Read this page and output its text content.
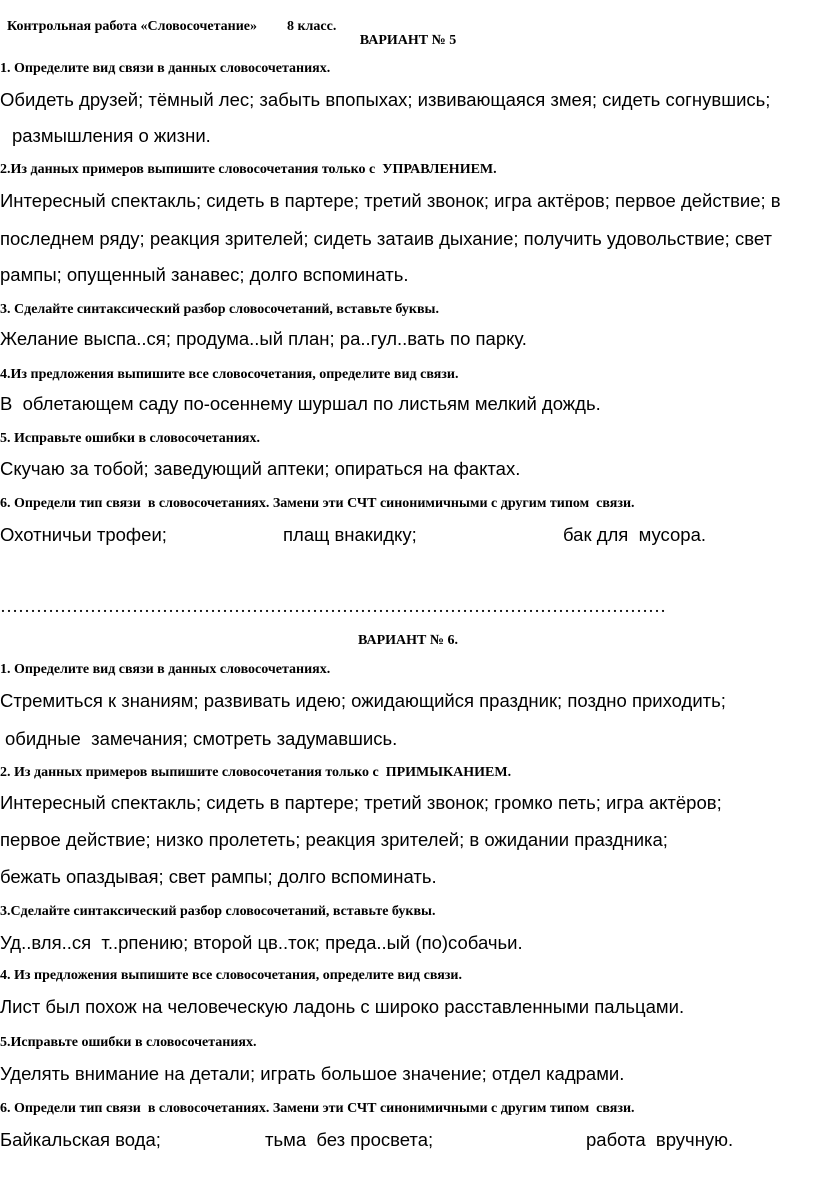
Контрольная работа «Словосочетание» 8 класс.

ВАРИАНТ № 5
1. Определите вид связи в данных словосочетаниях.
Обидеть друзей; тёмный лес; забыть впопыхах; извивающаяся змея; сидеть согнувшись;
размышления о жизни.
2.Из данных примеров выпишите словосочетания только с  УПРАВЛЕНИЕМ.
Интересный спектакль; сидеть в партере; третий звонок; игра актёров; первое действие; в
последнем ряду; реакция зрителей; сидеть затаив дыхание; получить удовольствие; свет
рампы; опущенный занавес; долго вспоминать.
3. Сделайте синтаксический разбор словосочетаний, вставьте буквы.
Желание выспа..ся; продума..ый план; ра..гул..вать по парку.
4.Из предложения выпишите все словосочетания, определите вид связи.
В  облетающем саду по-осеннему шуршал по листьям мелкий дождь.
5. Исправьте ошибки в словосочетаниях.
Скучаю за тобой; заведующий аптеки; опираться на фактах.
6. Определи тип связи  в словосочетаниях. Замени эти СЧТ синонимичными с другим типом  связи.
Охотничьи трофеи;	плащ внакидку;	бак для  мусора.
…………………………………………………………………………………………………
ВАРИАНТ № 6.
1. Определите вид связи в данных словосочетаниях.
Стремиться к знаниям; развивать идею; ожидающийся праздник; поздно приходить;
обидные  замечания; смотреть задумавшись.
2. Из данных примеров выпишите словосочетания только с  ПРИМЫКАНИЕМ.
Интересный спектакль; сидеть в партере; третий звонок; громко петь; игра актёров;
первое действие; низко пролететь; реакция зрителей; в ожидании праздника;
бежать опаздывая; свет рампы; долго вспоминать.
3.Сделайте синтаксический разбор словосочетаний, вставьте буквы.
Уд..вля..ся  т..рпению; второй цв..ток; преда..ый (по)собачьи.
4. Из предложения выпишите все словосочетания, определите вид связи.
Лист был похож на человеческую ладонь с широко расставленными пальцами.
5.Исправьте ошибки в словосочетаниях.
Уделять внимание на детали; играть большое значение; отдел кадрами.
6. Определи тип связи  в словосочетаниях. Замени эти СЧТ синонимичными с другим типом  связи.
Байкальская вода;	тьма  без просвета;	работа  вручную.
